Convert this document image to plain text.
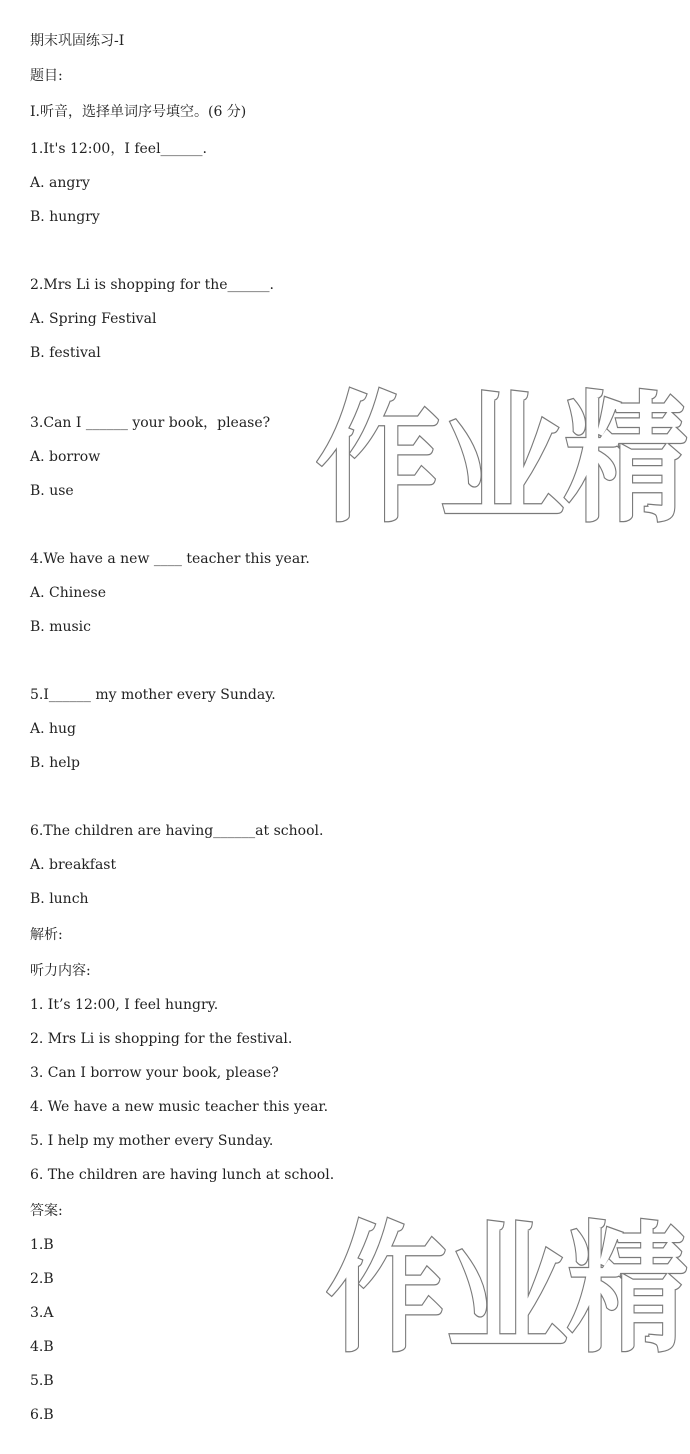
期末巩固练习-I
题目:
I.听音，选择单词序号填空。(6 分)
1.It's 12:00，I feel______.
A. angry
B. hungry
2.Mrs Li is shopping for the______.
A. Spring Festival
B. festival
3.Can I ______ your book，please?
A. borrow
B. use
4.We have a new ____ teacher this year.
A. Chinese
B. music
5.I______ my mother every Sunday.
A. hug
B. help
6.The children are having______at school.
A. breakfast
B. lunch
解析:
听力内容:
1. It’s 12:00, I feel hungry.
2. Mrs Li is shopping for the festival.
3. Can I borrow your book, please?
4. We have a new music teacher this year.
5. I help my mother every Sunday.
6. The children are having lunch at school.
答案:
1.B
2.B
3.A
4.B
5.B
6.B
作业精
作业精
